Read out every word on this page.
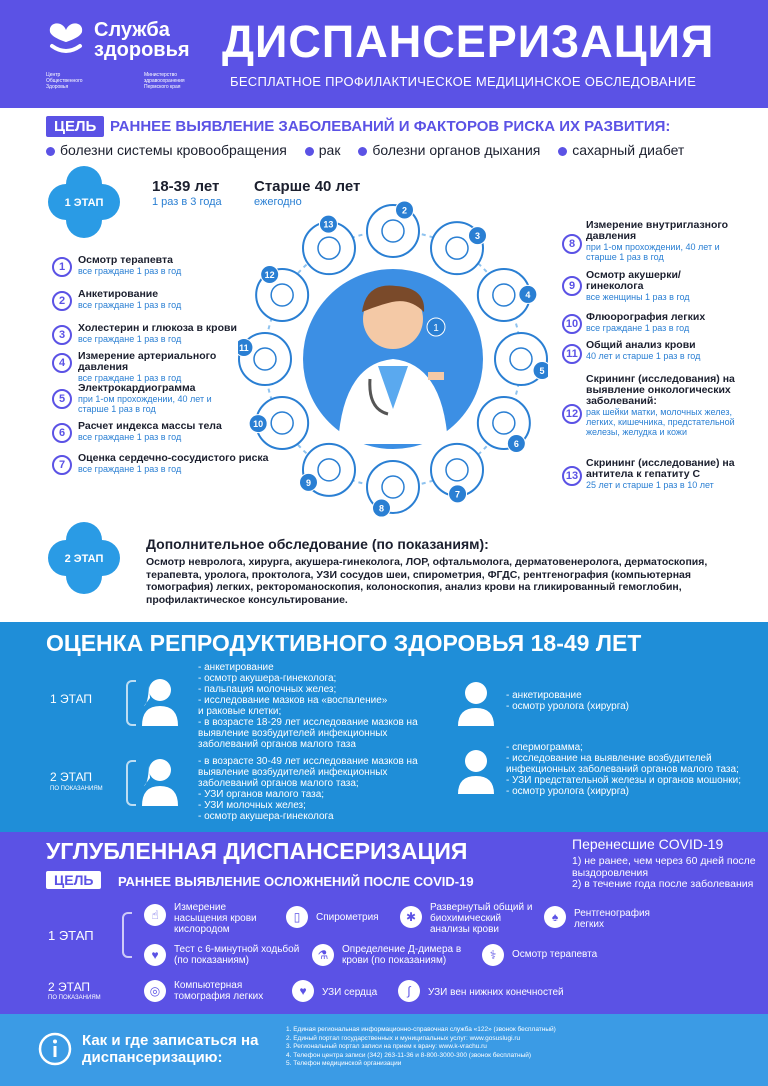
Служба
здоровья
Центр Общественного Здоровья
Министерство здравоохранения Пермского края
ДИСПАНСЕРИЗАЦИЯ
БЕСПЛАТНОЕ ПРОФИЛАКТИЧЕСКОЕ МЕДИЦИНСКОЕ ОБСЛЕДОВАНИЕ
ЦЕЛЬ РАННЕЕ ВЫЯВЛЕНИЕ ЗАБОЛЕВАНИЙ И ФАКТОРОВ РИСКА ИХ РАЗВИТИЯ:
болезни системы кровообращения рак болезни органов дыхания сахарный диабет
1 ЭТАП
18-39 лет
1 раз в 3 года
Старше 40 лет
ежегодно
1
Осмотр терапевта
все граждане 1 раз в год
2
Анкетирование
все граждане 1 раз в год
3
Холестерин и глюкоза в крови
все граждане 1 раз в год
4
Измерение артериального давления
все граждане 1 раз в год
5
Электрокардиограмма
при 1-ом прохождении, 40 лет и старше 1 раз в год
6
Расчет индекса массы тела
все граждане 1 раз в год
7
Оценка сердечно-сосудистого риска
все граждане 1 раз в год
1
2
3
4
5
6
7
8
9
10
11
12
13
8
Измерение внутриглазного давления
при 1-ом прохождении, 40 лет и старше 1 раз в год
9
Осмотр акушерки/гинеколога
все женщины 1 раз в год
10
Флюорография легких
все граждане 1 раз в год
11
Общий анализ крови
40 лет и старше 1 раз в год
12
Скрининг (исследования) на выявление онкологических заболеваний:
рак шейки матки, молочных желез, легких, кишечника, предстательной железы, желудка и кожи
13
Скрининг (исследование) на антитела к гепатиту С
25 лет и старше 1 раз в 10 лет
2 ЭТАП
Дополнительное обследование (по показаниям):
Осмотр невролога, хирурга, акушера-гинеколога, ЛОР, офтальмолога, дерматовенеролога, дерматоскопия, терапевта, уролога, проктолога, УЗИ сосудов шеи, спирометрия, ФГДС, рентгенография (компьютерная томография) легких, ректороманоскопия, колоноскопия, анализ крови на гликированный гемоглобин, профилактическое консультирование.
ОЦЕНКА РЕПРОДУКТИВНОГО ЗДОРОВЬЯ 18-49 ЛЕТ
1 ЭТАП
2 ЭТАП
ПО ПОКАЗАНИЯМ
- анкетирование
- осмотр акушера-гинеколога;
- пальпация молочных желез;
- исследование мазков на «воспаление»
и раковые клетки;
- в возрасте 18-29 лет исследование мазков на выявление возбудителей инфекционных заболеваний органов малого таза
- в возрасте 30-49 лет исследование мазков на выявление возбудителей инфекционных заболеваний органов малого таза;
- УЗИ органов малого таза;
- УЗИ молочных желез;
- осмотр акушера-гинеколога
- анкетирование
- осмотр уролога (хирурга)
- спермограмма;
- исследование на выявление возбудителей инфекционных заболеваний органов малого таза;
- УЗИ предстательной железы и органов мошонки;
- осмотр уролога (хирурга)
УГЛУБЛЕННАЯ ДИСПАНСЕРИЗАЦИЯ
ЦЕЛЬ	РАННЕЕ ВЫЯВЛЕНИЕ ОСЛОЖНЕНИЙ ПОСЛЕ COVID-19
Перенесшие COVID-19
1) не ранее, чем через 60 дней после выздоровления
2) в течение года после заболевания
1 ЭТАП
2 ЭТАП
ПО ПОКАЗАНИЯМ
☝
Измерение насыщения крови кислородом
▯	Спирометрия	✱
Развернутый общий и биохимический анализы крови
♠	Рентгенография легких
♥	Тест с 6-минутной ходьбой (по показаниям)	⚗	Определение Д-димера в крови (по показаниям)	⚕	Осмотр терапевта
◎	Компьютерная томография легких	♥	УЗИ сердца	∫	УЗИ вен нижних конечностей
Как и где записаться на диспансеризацию:
1. Единая региональная информационно-справочная служба «122» (звонок бесплатный)
2. Единый портал государственных и муниципальных услуг: www.gosuslugi.ru
3. Региональный портал записи на прием к врачу: www.k-vrachu.ru
4. Телефон центра записи (342) 263-11-36 и 8-800-3000-300 (звонок бесплатный)
5. Телефон медицинской организации
